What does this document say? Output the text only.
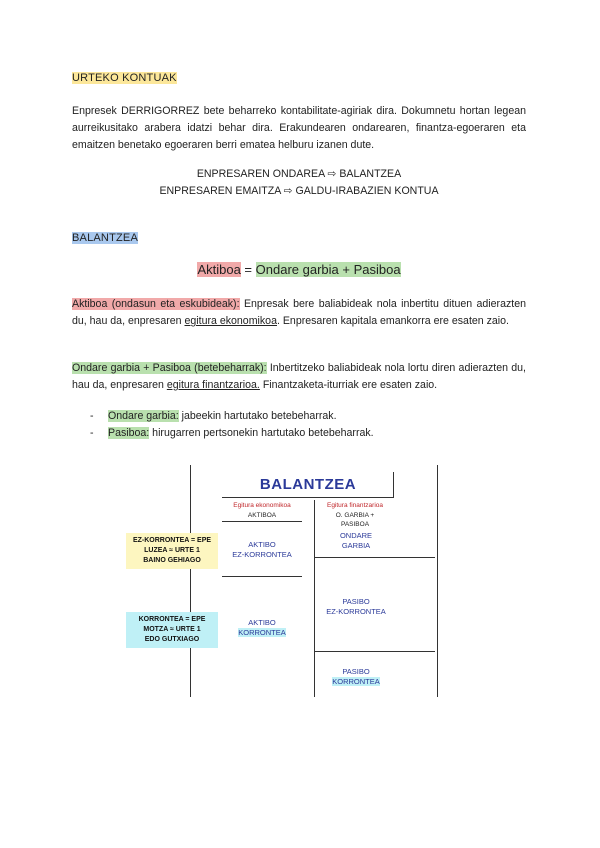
URTEKO KONTUAK
Enpresek DERRIGORREZ bete beharreko kontabilitate-agiriak dira. Dokumnetu hortan legean aurreikusitako arabera idatzi behar dira. Erakundearen ondarearen, finantza-egoeraren eta emaitzen benetako egoeraren berri ematea helburu izanen dute.
ENPRESAREN ONDAREA ⇨ BALANTZEA
ENPRESAREN EMAITZA ⇨ GALDU-IRABAZIEN KONTUA
BALANTZEA
Aktiboa = Ondare garbia + Pasiboa
Aktiboa (ondasun eta eskubideak): Enpresak bere baliabideak nola inbertitu dituen adierazten du, hau da, enpresaren egitura ekonomikoa. Enpresaren kapitala emankorra ere esaten zaio.
Ondare garbia + Pasiboa (betebeharrak): Inbertitzeko baliabideak nola lortu diren adierazten du, hau da, enpresaren egitura finantzarioa. Finantzaketa-iturriak ere esaten zaio.
- Ondare garbia: jabeekin hartutako betebeharrak.
- Pasiboa: hirugarren pertsonekin hartutako betebeharrak.
BALANTZEA
Egitura ekonomikoa
AKTIBOA
Egitura finantzarioa
O. GARBIA +
PASIBOA
ONDARE
GARBIA
AKTIBO
EZ-KORRONTEA
AKTIBO
KORRONTEA
PASIBO
EZ-KORRONTEA
PASIBO
KORRONTEA
EZ-KORRONTEA = EPE
LUZEA ≈ URTE 1
BAINO GEHIAGO
KORRONTEA = EPE
MOTZA ≈ URTE 1
EDO GUTXIAGO
